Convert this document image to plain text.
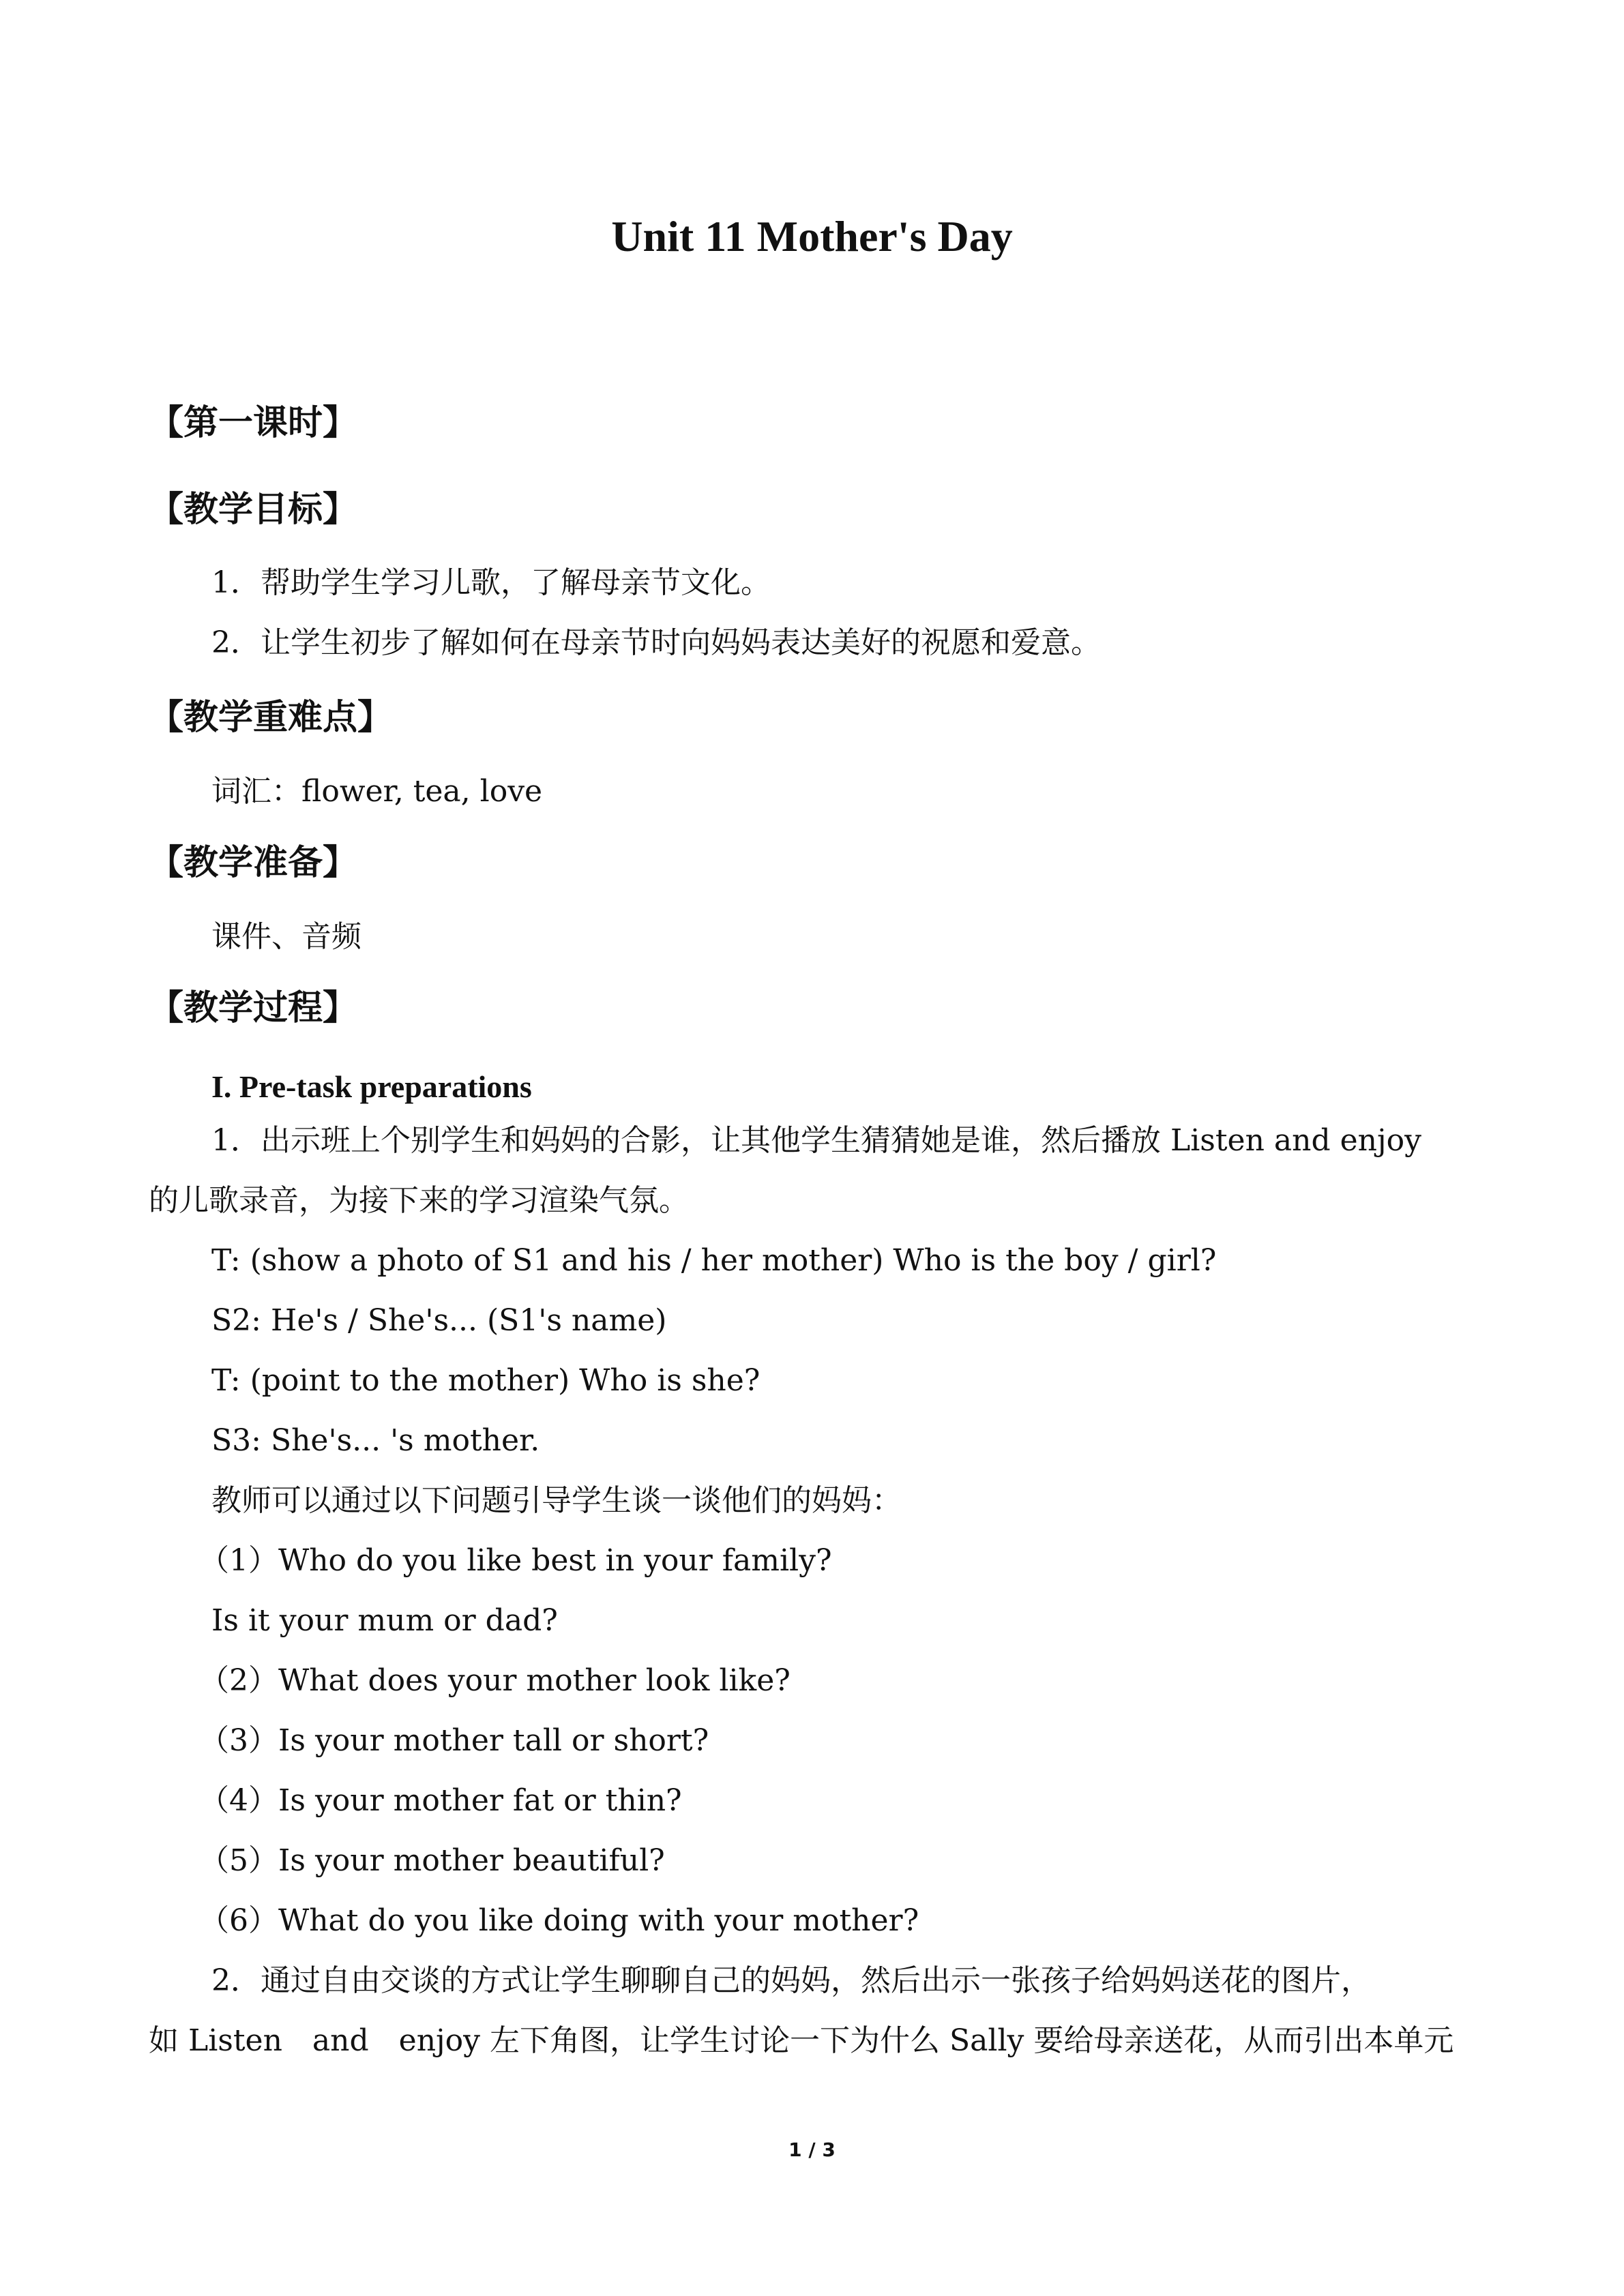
Unit 11 Mother's Day
【第一课时】
【教学目标】
1．帮助学生学习儿歌，了解母亲节文化。
2．让学生初步了解如何在母亲节时向妈妈表达美好的祝愿和爱意。
【教学重难点】
词汇：flower, tea, love
【教学准备】
课件、音频
【教学过程】
I. Pre-task preparations
1．出示班上个别学生和妈妈的合影，让其他学生猜猜她是谁，然后播放 Listen and enjoy
的儿歌录音，为接下来的学习渲染气氛。
T: (show a photo of S1 and his / her mother) Who is the boy / girl?
S2: He's / She's... (S1's name)
T: (point to the mother) Who is she?
S3: She's... 's mother.
教师可以通过以下问题引导学生谈一谈他们的妈妈：
（1）Who do you like best in your family?
Is it your mum or dad?
（2）What does your mother look like?
（3）Is your mother tall or short?
（4）Is your mother fat or thin?
（5）Is your mother beautiful?
（6）What do you like doing with your mother?
2．通过自由交谈的方式让学生聊聊自己的妈妈，然后出示一张孩子给妈妈送花的图片，
如 Listen　and　enjoy 左下角图，让学生讨论一下为什么 Sally 要给母亲送花，从而引出本单元
1 / 3
